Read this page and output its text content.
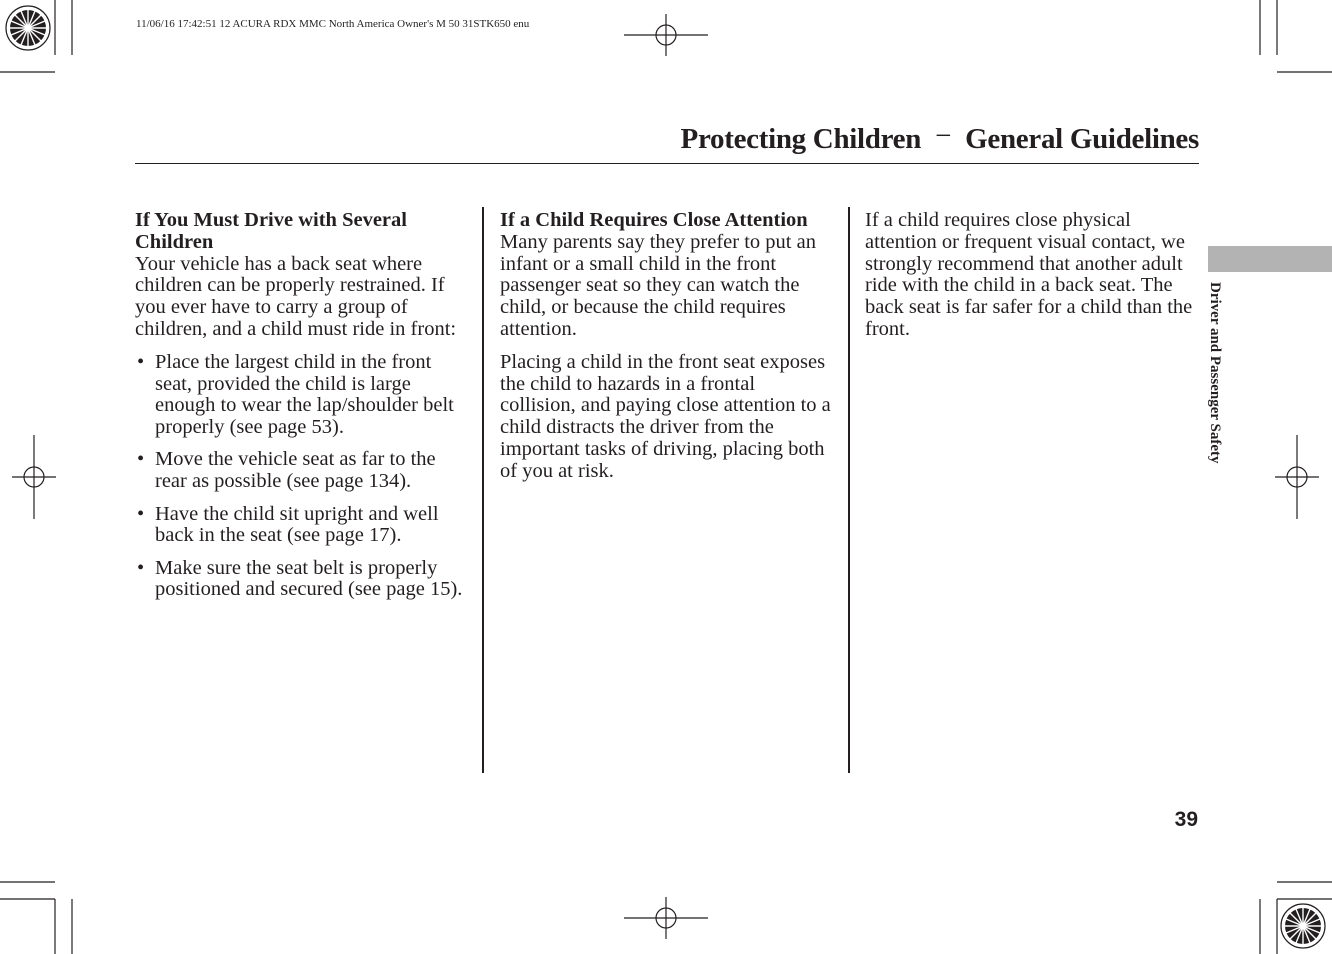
11/06/16 17:42:51 12 ACURA RDX MMC North America Owner's M 50 31STK650 enu
Protecting Children − General Guidelines
If You Must Drive with Several Children

Your vehicle has a back seat where children can be properly restrained. If you ever have to carry a group of children, and a child must ride in front:

• Place the largest child in the front seat, provided the child is large enough to wear the lap/shoulder belt properly (see page 53).
• Move the vehicle seat as far to the rear as possible (see page 134).
• Have the child sit upright and well back in the seat (see page 17).
• Make sure the seat belt is properly positioned and secured (see page 15).
If a Child Requires Close Attention

Many parents say they prefer to put an infant or a small child in the front passenger seat so they can watch the child, or because the child requires attention.

Placing a child in the front seat exposes the child to hazards in a frontal collision, and paying close attention to a child distracts the driver from the important tasks of driving, placing both of you at risk.

If a child requires close physical attention or frequent visual contact, we strongly recommend that another adult ride with the child in a back seat. The back seat is far safer for a child than the front.	Driver and Passenger Safety
39
